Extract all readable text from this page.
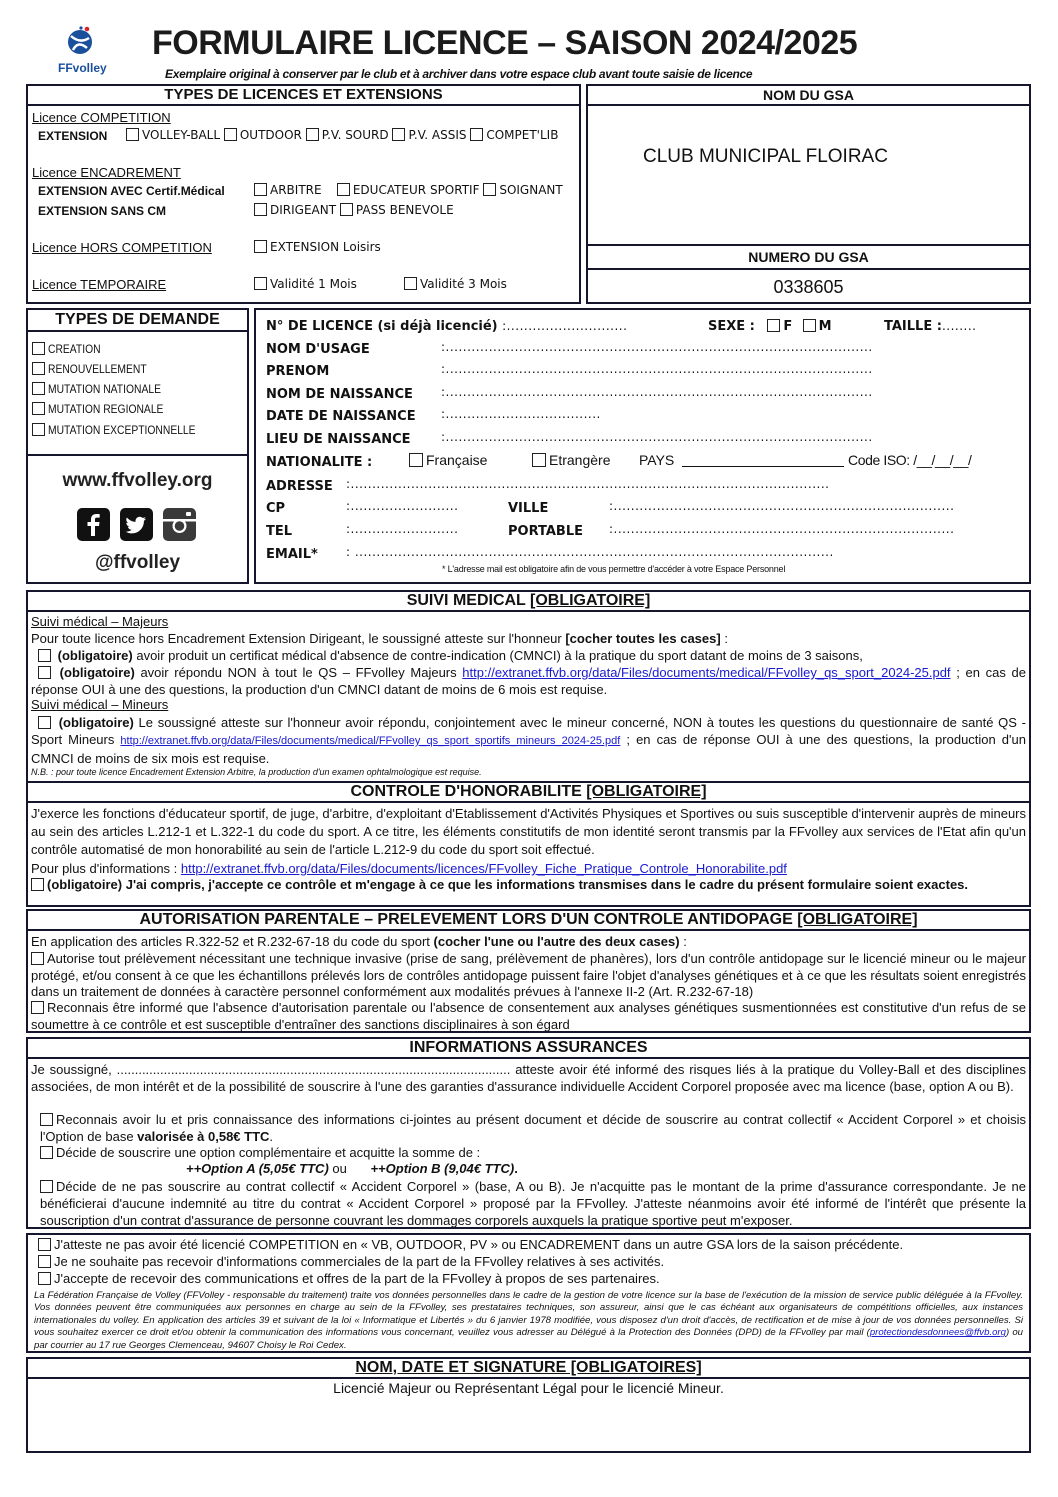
FFvolley
FORMULAIRE LICENCE – SAISON 2024/2025
Exemplaire original à conserver par le club et à archiver dans votre espace club avant toute saisie de licence
TYPES DE LICENCES ET EXTENSIONS
Licence COMPETITION
EXTENSION	VOLLEY-BALL OUTDOOR P.V. SOURD P.V. ASSIS COMPET'LIB
Licence ENCADREMENT
EXTENSION AVEC Certif.Médical	ARBITRE	EDUCATEUR SPORTIF SOIGNANT
EXTENSION SANS CM	DIRIGEANT PASS BENEVOLE
Licence HORS COMPETITION	EXTENSION Loisirs
Licence TEMPORAIRE	Validité 1 Mois	Validité 3 Mois
NOM DU GSA
CLUB MUNICIPAL FLOIRAC
NUMERO DU GSA
0338605
TYPES DE DEMANDE
CREATION
RENOUVELLEMENT
MUTATION NATIONALE
MUTATION REGIONALE
MUTATION EXCEPTIONNELLE
www.ffvolley.org
@ffvolley
N° DE LICENCE (si déjà licencié) :............................	SEXE : F M	TAILLE :........
NOM D'USAGE	:...................................................................................................
PRENOM	:...................................................................................................
NOM DE NAISSANCE :...................................................................................................
DATE DE NAISSANCE :....................................
LIEU DE NAISSANCE	:...................................................................................................
NATIONALITE :	Française	Etrangère PAYS	Code ISO: /__/__/__/
ADRESSE :...............................................................................................................
CP	:.........................	VILLE	:...............................................................................
TEL	:.........................	PORTABLE :...............................................................................
EMAIL* : ...............................................................................................................
* L'adresse mail est obligatoire afin de vous permettre d'accéder à votre Espace Personnel
SUIVI MEDICAL [OBLIGATOIRE]
Suivi médical – Majeurs
Pour toute licence hors Encadrement Extension Dirigeant, le soussigné atteste sur l'honneur [cocher toutes les cases] :
(obligatoire) avoir produit un certificat médical d'absence de contre-indication (CMNCI) à la pratique du sport datant de moins de 3 saisons,
(obligatoire) avoir répondu NON à tout le QS – FFvolley Majeurs http://extranet.ffvb.org/data/Files/documents/medical/FFvolley_qs_sport_2024-25.pdf ; en cas de réponse OUI à une des questions, la production d'un CMNCI datant de moins de 6 mois est requise.
Suivi médical – Mineurs
(obligatoire) Le soussigné atteste sur l'honneur avoir répondu, conjointement avec le mineur concerné, NON à toutes les questions du questionnaire de santé QS - Sport Mineurs http://extranet.ffvb.org/data/Files/documents/medical/FFvolley_qs_sport_sportifs_mineurs_2024-25.pdf ; en cas de réponse OUI à une des questions, la production d'un CMNCI de moins de six mois est requise.
N.B. : pour toute licence Encadrement Extension Arbitre, la production d'un examen ophtalmologique est requise.
CONTROLE D'HONORABILITE [OBLIGATOIRE]
J'exerce les fonctions d'éducateur sportif, de juge, d'arbitre, d'exploitant d'Etablissement d'Activités Physiques et Sportives ou suis susceptible d'intervenir auprès de mineurs au sein des articles L.212-1 et L.322-1 du code du sport. A ce titre, les éléments constitutifs de mon identité seront transmis par la FFvolley aux services de l'Etat afin qu'un contrôle automatisé de mon honorabilité au sein de l'article L.212-9 du code du sport soit effectué.
Pour plus d'informations : http://extranet.ffvb.org/data/Files/documents/licences/FFvolley_Fiche_Pratique_Controle_Honorabilite.pdf
(obligatoire) J'ai compris, j'accepte ce contrôle et m'engage à ce que les informations transmises dans le cadre du présent formulaire soient exactes.
AUTORISATION PARENTALE – PRELEVEMENT LORS D'UN CONTROLE ANTIDOPAGE [OBLIGATOIRE]
En application des articles R.322-52 et R.232-67-18 du code du sport (cocher l'une ou l'autre des deux cases) :
Autorise tout prélèvement nécessitant une technique invasive (prise de sang, prélèvement de phanères), lors d'un contrôle antidopage sur le licencié mineur ou le majeur protégé, et/ou consent à ce que les échantillons prélevés lors de contrôles antidopage puissent faire l'objet d'analyses génétiques et à ce que les résultats soient enregistrés dans un traitement de données à caractère personnel conformément aux modalités prévues à l'annexe II-2 (Art. R.232-67-18)
Reconnais être informé que l'absence d'autorisation parentale ou l'absence de consentement aux analyses génétiques susmentionnées est constitutive d'un refus de se soumettre à ce contrôle et est susceptible d'entraîner des sanctions disciplinaires à son égard
INFORMATIONS ASSURANCES
Je soussigné, ............................................................................................................. atteste avoir été informé des risques liés à la pratique du Volley-Ball et des disciplines associées, de mon intérêt et de la possibilité de souscrire à l'une des garanties d'assurance individuelle Accident Corporel proposée avec ma licence (base, option A ou B).
Reconnais avoir lu et pris connaissance des informations ci-jointes au présent document et décide de souscrire au contrat collectif « Accident Corporel » et choisis l'Option de base valorisée à 0,58€ TTC.
Décide de souscrire une option complémentaire et acquitte la somme de :
++Option A (5,05€ TTC) ou ++Option B (9,04€ TTC).
Décide de ne pas souscrire au contrat collectif « Accident Corporel » (base, A ou B). Je n'acquitte pas le montant de la prime d'assurance correspondante. Je ne bénéficierai d'aucune indemnité au titre du contrat « Accident Corporel » proposé par la FFvolley. J'atteste néanmoins avoir été informé de l'intérêt que présente la souscription d'un contrat d'assurance de personne couvrant les dommages corporels auxquels la pratique sportive peut m'exposer.
J'atteste ne pas avoir été licencié COMPETITION en « VB, OUTDOOR, PV » ou ENCADREMENT dans un autre GSA lors de la saison précédente.
Je ne souhaite pas recevoir d'informations commerciales de la part de la FFvolley relatives à ses activités.
J'accepte de recevoir des communications et offres de la part de la FFvolley à propos de ses partenaires.
La Fédération Française de Volley (FFVolley - responsable du traitement) traite vos données personnelles dans le cadre de la gestion de votre licence sur la base de l'exécution de la mission de service public déléguée à la FFvolley. Vos données peuvent être communiquées aux personnes en charge au sein de la FFvolley, ses prestataires techniques, son assureur, ainsi que le cas échéant aux organisateurs de compétitions officielles, aux instances internationales du volley. En application des articles 39 et suivant de la loi « Informatique et Libertés » du 6 janvier 1978 modifiée, vous disposez d'un droit d'accès, de rectification et de mise à jour de vos données personnelles. Si vous souhaitez exercer ce droit et/ou obtenir la communication des informations vous concernant, veuillez vous adresser au Délégué à la Protection des Données (DPD) de la FFvolley par mail (protectiondesdonnees@ffvb.org) ou par courrier au 17 rue Georges Clemenceau, 94607 Choisy le Roi Cedex.
NOM, DATE ET SIGNATURE [OBLIGATOIRES]
Licencié Majeur ou Représentant Légal pour le licencié Mineur.
